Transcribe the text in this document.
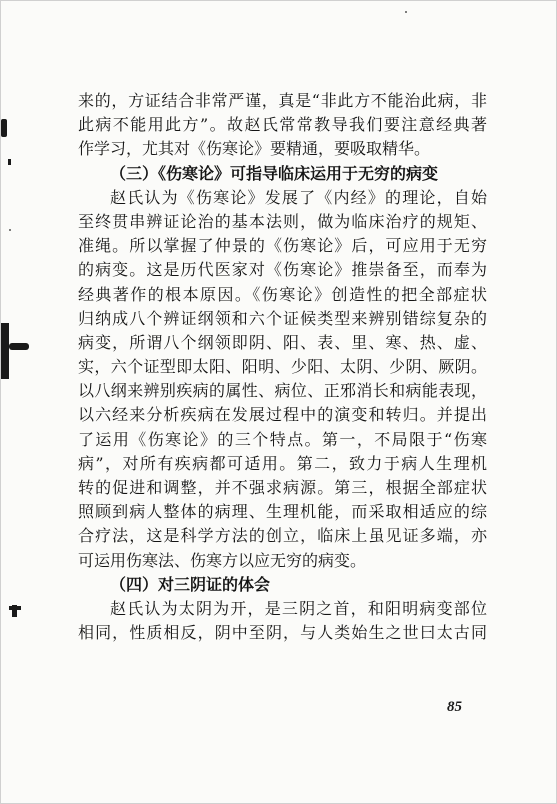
来的，方证结合非常严谨，真是“非此方不能治此病，非
此病不能用此方”。故赵氏常常教导我们要注意经典著
作学习，尤其对《伤寒论》要精通，要吸取精华。
（三）《伤寒论》可指导临床运用于无穷的病变
赵氏认为《伤寒论》发展了《内经》的理论，自始
至终贯串辨证论治的基本法则，做为临床治疗的规矩、
准绳。所以掌握了仲景的《伤寒论》后，可应用于无穷
的病变。这是历代医家对《伤寒论》推崇备至，而奉为
经典著作的根本原因。《伤寒论》创造性的把全部症状
归纳成八个辨证纲领和六个证候类型来辨别错综复杂的
病变，所谓八个纲领即阴、阳、表、里、寒、热、虚、
实，六个证型即太阳、阳明、少阳、太阴、少阴、厥阴。
以八纲来辨别疾病的属性、病位、正邪消长和病能表现，
以六经来分析疾病在发展过程中的演变和转归。并提出
了运用《伤寒论》的三个特点。第一，不局限于“伤寒
病”，对所有疾病都可适用。第二，致力于病人生理机
转的促进和调整，并不强求病源。第三，根据全部症状
照顾到病人整体的病理、生理机能，而采取相适应的综
合疗法，这是科学方法的创立，临床上虽见证多端，亦
可运用伤寒法、伤寒方以应无穷的病变。
（四）对三阴证的体会
赵氏认为太阴为开，是三阴之首，和阳明病变部位
相同，性质相反，阴中至阴，与人类始生之世曰太古同
85
